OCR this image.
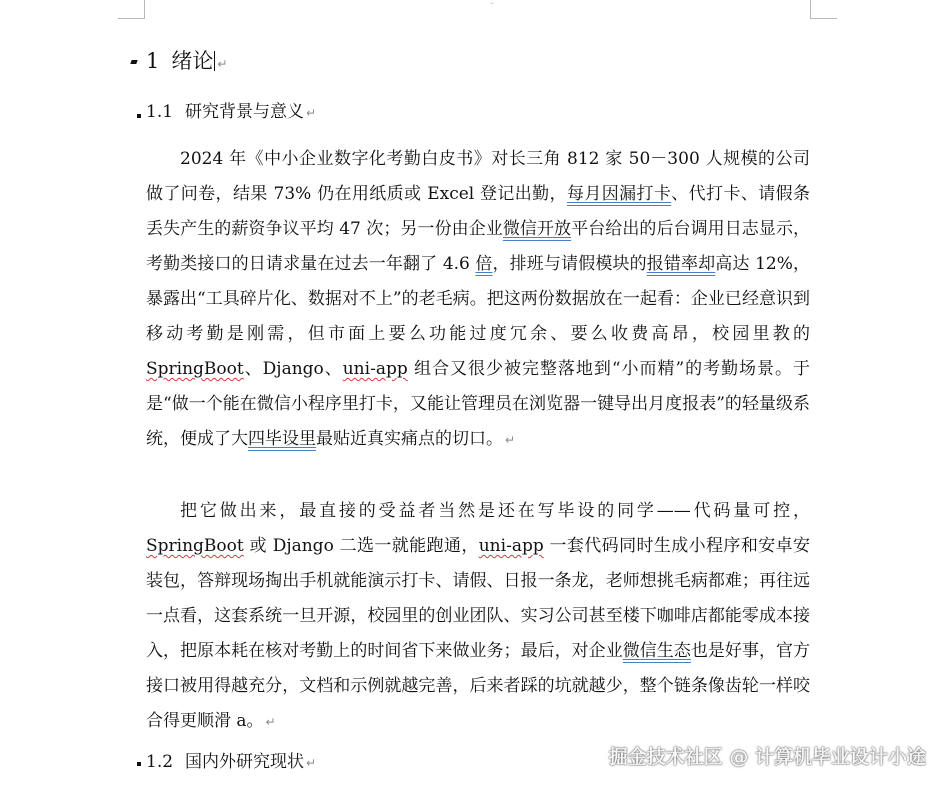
1 绪论 ↵
1.1 研究背景与意义 ↵

2024 年《中小企业数字化考勤白皮书》对长三角 812 家 50－300 人规模的公司做了问卷，结果 73% 仍在用纸质或 Excel 登记出勤，每月因漏打卡、代打卡、请假条丢失产生的薪资争议平均 47 次；另一份由企业微信开放平台给出的后台调用日志显示，考勤类接口的日请求量在过去一年翻了 4.6 倍，排班与请假模块的报错率却高达 12%，暴露出“工具碎片化、数据对不上”的老毛病。把这两份数据放在一起看：企业已经意识到移动考勤是刚需，但市面上要么功能过度冗余、要么收费高昂，校园里教的 SpringBoot、Django、uni-app 组合又很少被完整落地到“小而精”的考勤场景。于是“做一个能在微信小程序里打卡，又能让管理员在浏览器一键导出月度报表”的轻量级系统，便成了大四毕设里最贴近真实痛点的切口。 ↵

把它做出来，最直接的受益者当然是还在写毕设的同学——代码量可控，SpringBoot 或 Django 二选一就能跑通，uni-app 一套代码同时生成小程序和安卓安装包，答辩现场掏出手机就能演示打卡、请假、日报一条龙，老师想挑毛病都难；再往远一点看，这套系统一旦开源，校园里的创业团队、实习公司甚至楼下咖啡店都能零成本接入，把原本耗在核对考勤上的时间省下来做业务；最后，对企业微信生态也是好事，官方接口被用得越充分，文档和示例就越完善，后来者踩的坑就越少，整个链条像齿轮一样咬合得更顺滑 a。 ↵

1.2 国内外研究现状 ↵	掘金技术社区 @ 计算机毕业设计小途
